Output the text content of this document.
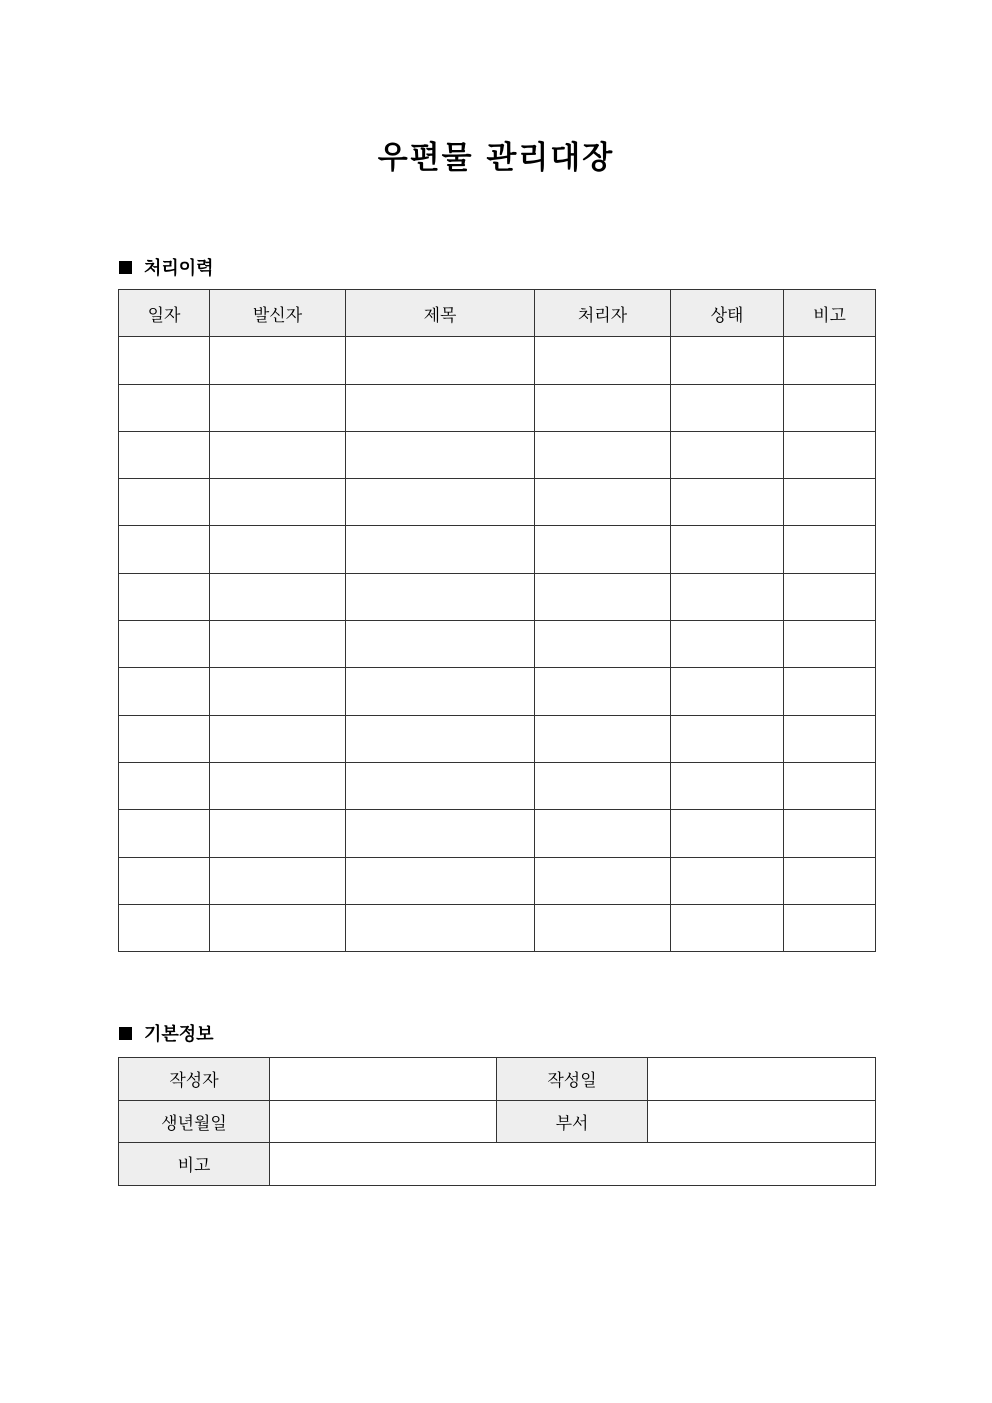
우편물 관리대장
처리이력
일자	발신자	제목	처리자	상태	비고

기본정보
작성자		작성일	
생년월일		부서	
비고			
